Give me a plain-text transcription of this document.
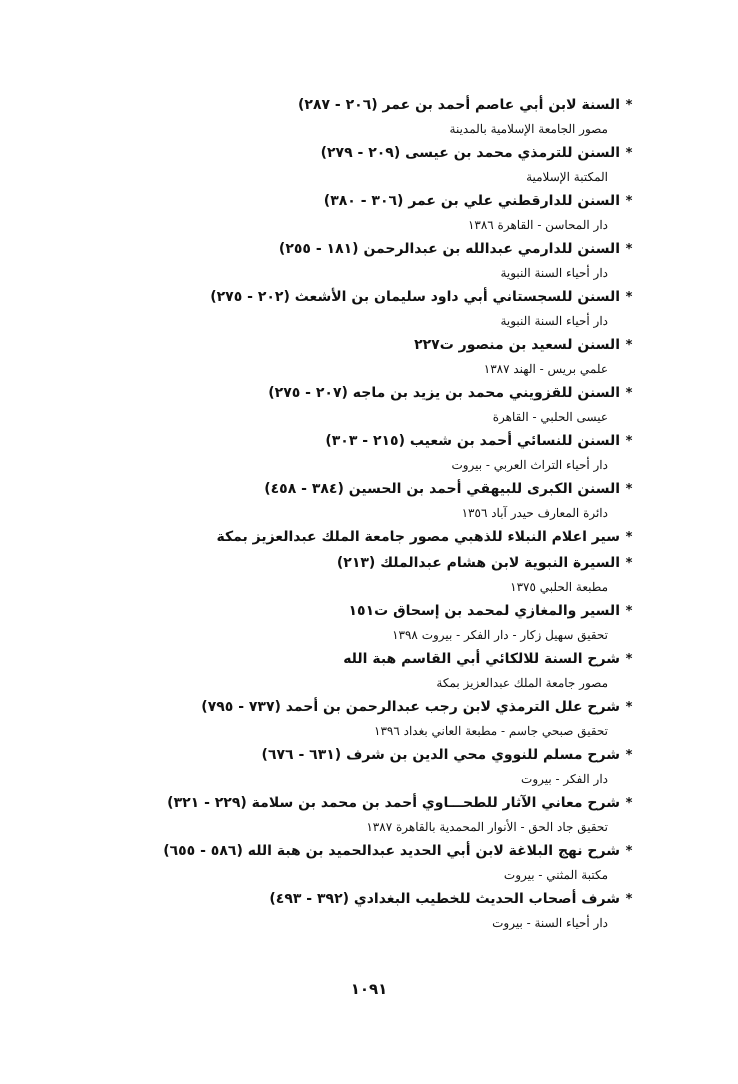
*
السنة لابن أبي عاصم أحمد بن عمر (٢٠٦ - ٢٨٧)
مصور الجامعة الإسلامية بالمدينة
*
السنن للترمذي محمد بن عيسى (٢٠٩ - ٢٧٩)
المكتبة الإسلامية
*
السنن للدارقطني علي بن عمر (٣٠٦ - ٣٨٠)
دار المحاسن - القاهرة ١٣٨٦
*
السنن للدارمي عبدالله بن عبدالرحمن (١٨١ - ٢٥٥)
دار أحياء السنة النبوية
*
السنن للسجستاني أبي داود سليمان بن الأشعث (٢٠٢ - ٢٧٥)
دار أحياء السنة النبوية
*
السنن لسعيد بن منصور ت٢٢٧
علمي بريس - الهند ١٣٨٧
*
السنن للقزويني محمد بن يزيد بن ماجه (٢٠٧ - ٢٧٥)
عيسى الحلبي - القاهرة
*
السنن للنسائي أحمد بن شعيب (٢١٥ - ٣٠٣)
دار أحياء التراث العربي - بيروت
*
السنن الكبرى للبيهقي أحمد بن الحسين (٣٨٤ - ٤٥٨)
دائرة المعارف حيدر آباد ١٣٥٦
*
سير اعلام النبلاء للذهبي مصور جامعة الملك عبدالعزيز بمكة
*
السيرة النبوية لابن هشام عبدالملك (٢١٣)
مطبعة الحلبي ١٣٧٥
*
السير والمغازي لمحمد بن إسحاق ت١٥١
تحقيق سهيل زكار - دار الفكر - بيروت ١٣٩٨
*
شرح السنة للالكائي أبي القاسم هبة الله
مصور جامعة الملك عبدالعزيز بمكة
*
شرح علل الترمذي لابن رجب عبدالرحمن بن أحمد (٧٣٧ - ٧٩٥)
تحقيق صبحي جاسم - مطبعة العاني بغداد ١٣٩٦
*
شرح مسلم للنووي محي الدين بن شرف (٦٣١ - ٦٧٦)
دار الفكر - بيروت
*
شرح معاني الآثار للطحـــاوي أحمد بن محمد بن سلامة (٢٢٩ - ٣٢١)
تحقيق جاد الحق - الأنوار المحمدية بالقاهرة ١٣٨٧
*
شرح نهج البلاغة لابن أبي الحديد عبدالحميد بن هبة الله (٥٨٦ - ٦٥٥)
مكتبة المثني - بيروت
*
شرف أصحاب الحديث للخطيب البغدادي (٣٩٢ - ٤٩٣)
دار أحياء السنة - بيروت
١٠٩١
